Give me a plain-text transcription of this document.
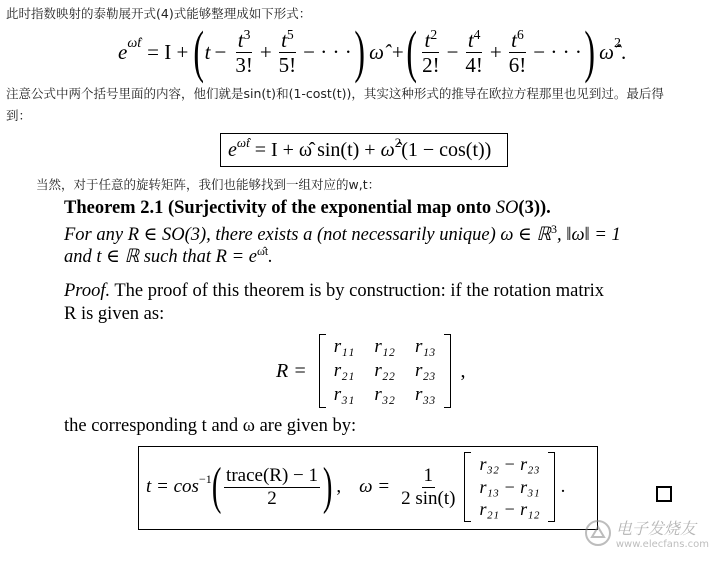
此时指数映射的泰勒展开式(4)式能够整理成如下形式：
$e^{\omegât} = I$ + ( $t - \frac{t^3}{3!} + \frac{t^5}{5!}$ − · · · ) ω̂ + ( $\frac{t^2}{2!} - \frac{t^4}{4!} + \frac{t^6}{6!}$ − · · · ) ω̂$^2$ .
注意公式中两个括号里面的内容，他们就是sin(t)和(1-cost(t))，其实这种形式的推导在欧拉方程那里也见到过。最后得
到：
$e^{\omegât} = I$ + ω̂ sin(t) + ω̂$^2$ (1 − cos(t))
当然，对于任意的旋转矩阵，我们也能够找到一组对应的w,t：
Theorem 2.1 (Surjectivity of the exponential map onto SO(3)).
For any R ∈ SO(3), there exists a (not necessarily unique) ω ∈ ℝ$^3$, ‖ω‖ = 1
and t ∈ ℝ such that $R = e^{\omegât}$.
Proof. The proof of this theorem is by construction: if the rotation matrix
R is given as:
R =
r₁₁ r₁₂ r₁₃
r₂₁ r₂₂ r₂₃
r₃₁ r₃₂ r₃₃
,
the corresponding t and ω are given by:
$t = \cos^{-1}$ ( $\frac{\text{trace(R) − 1}}{2}$ ) , $\omega = \frac{1}{2 \sin(t)}$
r₃₂ − r₂₃
r₁₃ − r₃₁
r₂₁ − r₁₂
.
电子发烧友
www.elecfans.com
